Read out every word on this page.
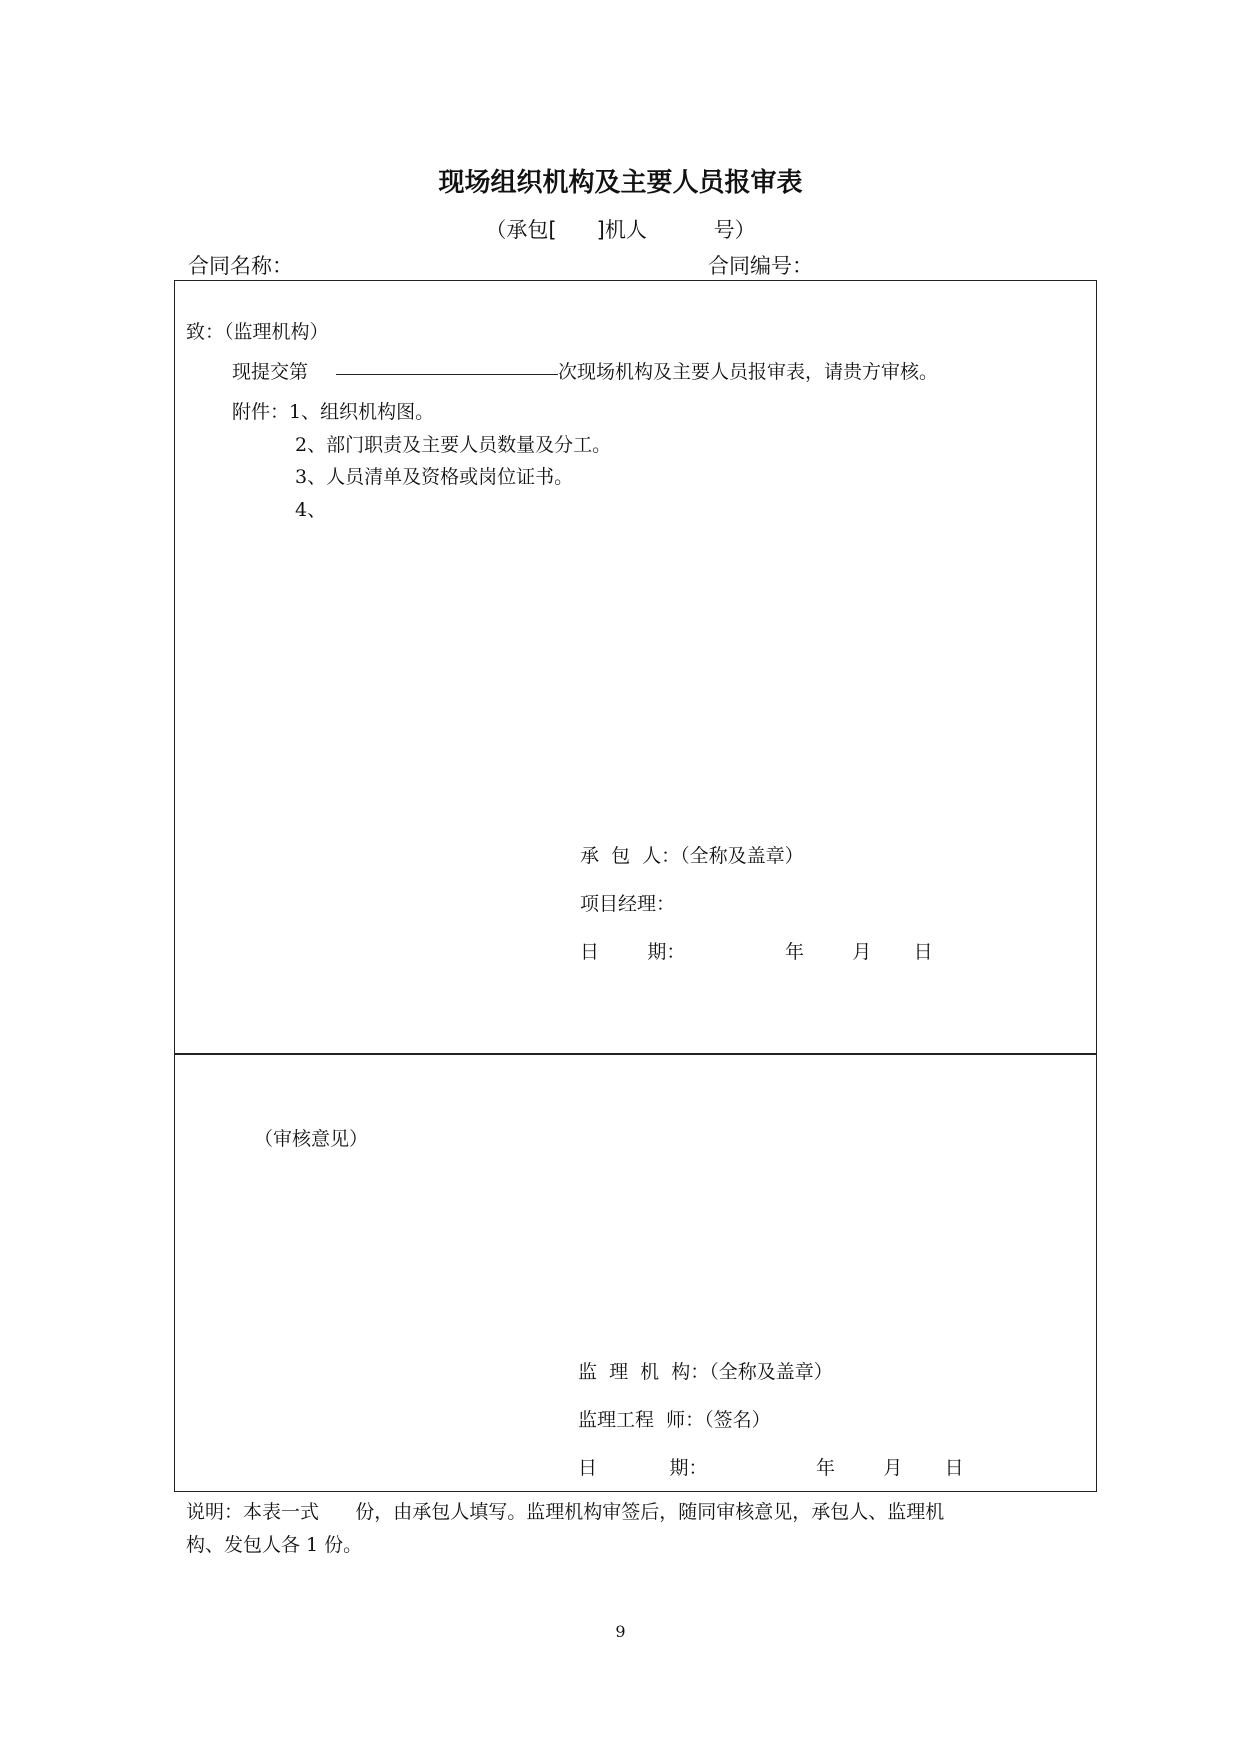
现场组织机构及主要人员报审表
（承包[      ]机人          号）
合同名称：	合同编号：
致：（监理机构）
现提交第	次现场机构及主要人员报审表，请贵方审核。
附件：1、组织机构图。
2、部门职责及主要人员数量及分工。
3、人员清单及资格或岗位证书。
4、
承  包  人：（全称及盖章）
项目经理：
日        期：	年        月       日
（审核意见）
监  理  机  构：（全称及盖章）
监理工程  师：（签名）
日            期：	年        月       日
说明：本表一式      份，由承包人填写。监理机构审签后，随同审核意见，承包人、监理机
构、发包人各 1 份。
9
